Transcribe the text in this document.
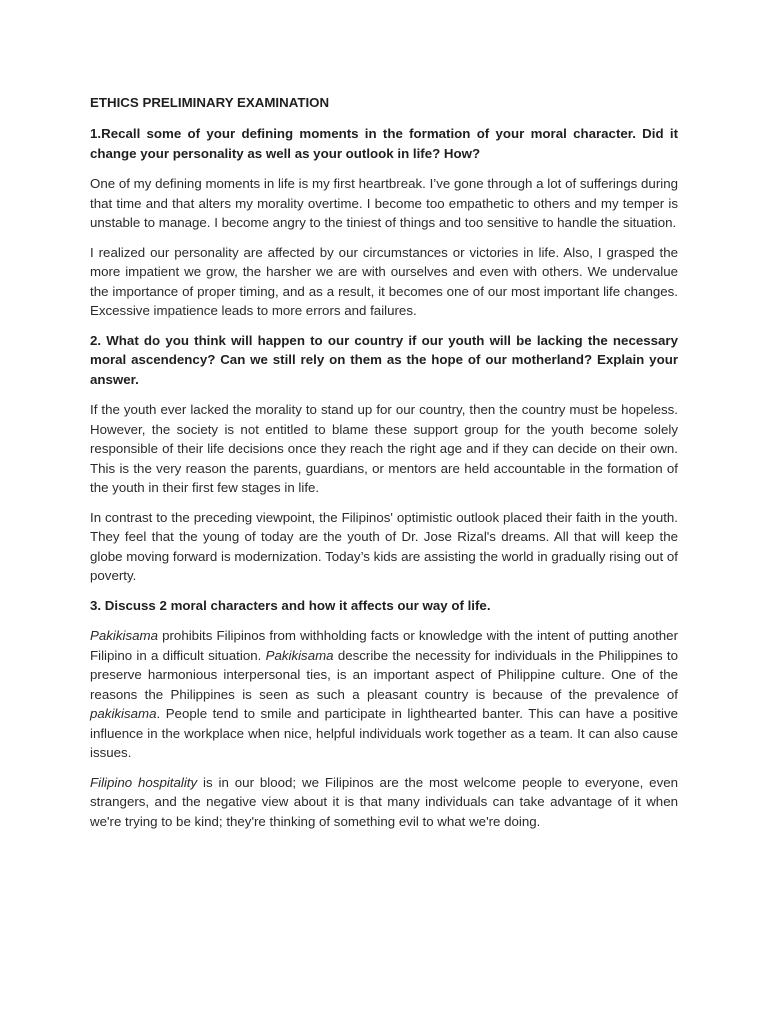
ETHICS PRELIMINARY EXAMINATION
1.Recall some of your defining moments in the formation of your moral character. Did it change your personality as well as your outlook in life? How?

One of my defining moments in life is my first heartbreak. I’ve gone through a lot of sufferings during that time and that alters my morality overtime. I become too empathetic to others and my temper is unstable to manage. I become angry to the tiniest of things and too sensitive to handle the situation.

I realized our personality are affected by our circumstances or victories in life. Also, I grasped the more impatient we grow, the harsher we are with ourselves and even with others. We undervalue the importance of proper timing, and as a result, it becomes one of our most important life changes. Excessive impatience leads to more errors and failures.

2. What do you think will happen to our country if our youth will be lacking the necessary moral ascendency? Can we still rely on them as the hope of our motherland? Explain your answer.

If the youth ever lacked the morality to stand up for our country, then the country must be hopeless. However, the society is not entitled to blame these support group for the youth become solely responsible of their life decisions once they reach the right age and if they can decide on their own. This is the very reason the parents, guardians, or mentors are held accountable in the formation of the youth in their first few stages in life.

In contrast to the preceding viewpoint, the Filipinos' optimistic outlook placed their faith in the youth. They feel that the young of today are the youth of Dr. Jose Rizal's dreams. All that will keep the globe moving forward is modernization. Today’s kids are assisting the world in gradually rising out of poverty.

3. Discuss 2 moral characters and how it affects our way of life.

Pakikisama prohibits Filipinos from withholding facts or knowledge with the intent of putting another Filipino in a difficult situation. Pakikisama describe the necessity for individuals in the Philippines to preserve harmonious interpersonal ties, is an important aspect of Philippine culture. One of the reasons the Philippines is seen as such a pleasant country is because of the prevalence of pakikisama. People tend to smile and participate in lighthearted banter. This can have a positive influence in the workplace when nice, helpful individuals work together as a team. It can also cause issues.

Filipino hospitality is in our blood; we Filipinos are the most welcome people to everyone, even strangers, and the negative view about it is that many individuals can take advantage of it when we're trying to be kind; they're thinking of something evil to what we're doing.
